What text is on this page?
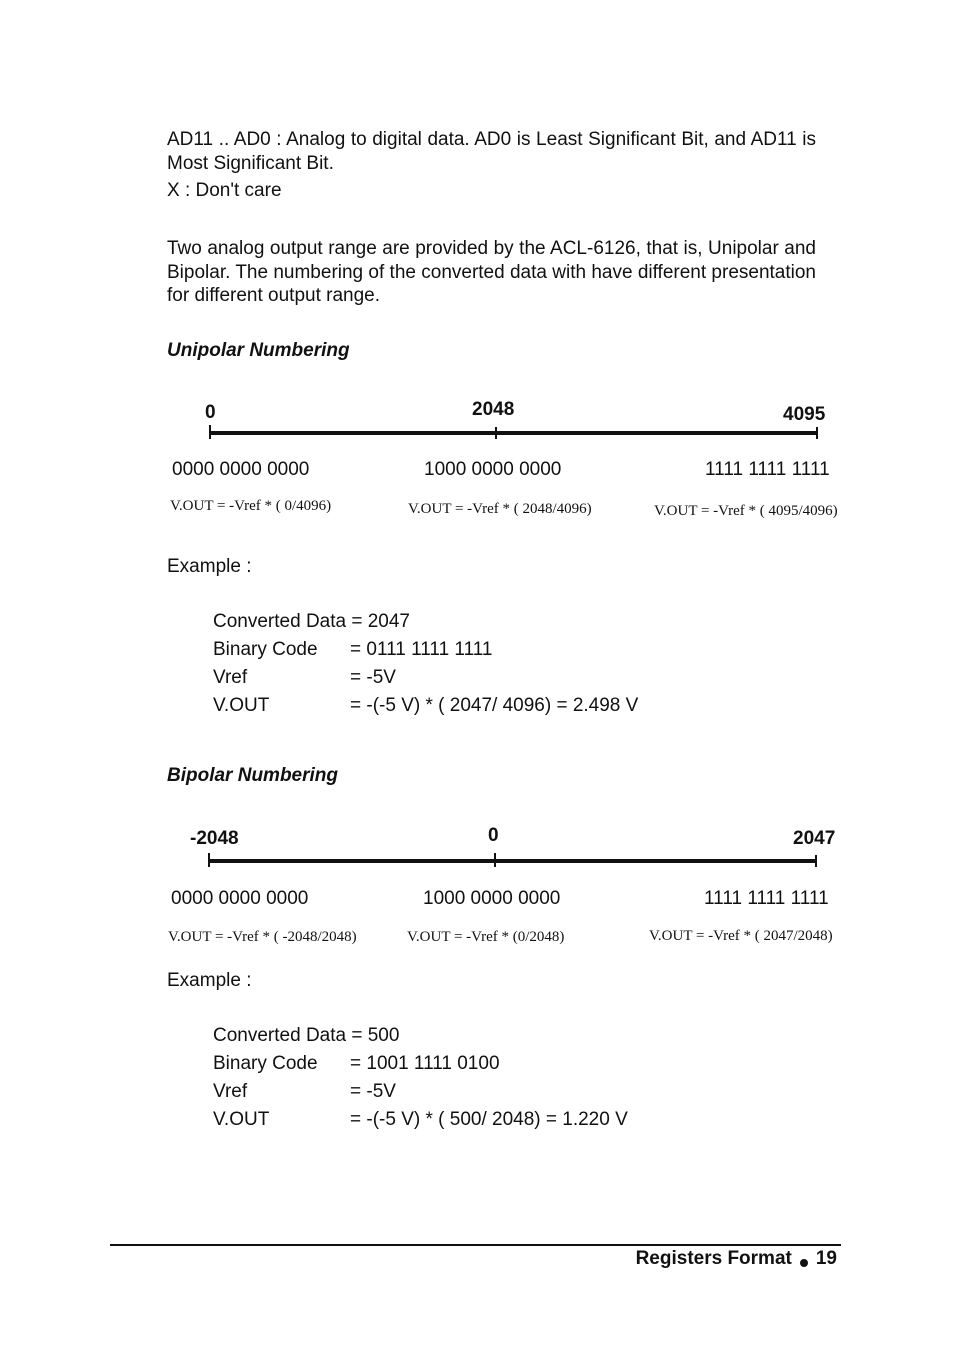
AD11 .. AD0 : Analog to digital data. AD0 is Least Significant Bit, and AD11 is Most Significant Bit.

X : Don't care

Two analog output range are provided by the ACL-6126, that is, Unipolar and Bipolar. The numbering of the converted data with have different presentation for different output range.

Unipolar Numbering
0	2048	4095
0000 0000 0000	1000 0000 0000	1111 1111 1111
V.OUT = -Vref * ( 0/4096)	V.OUT = -Vref * ( 2048/4096)	V.OUT = -Vref * ( 4095/4096)
Example :
Converted Data
= 2047
Binary Code	= 0111 1111 1111
Vref	= -5V
V.OUT	= -(-5 V) * ( 2047/ 4096) = 2.498 V
Bipolar Numbering
-2048	0	2047
0000 0000 0000	1000 0000 0000	1111 1111 1111
V.OUT = -Vref * ( -2048/2048)	V.OUT = -Vref * (0/2048)	V.OUT = -Vref * ( 2047/2048)
Example :
Converted Data
= 500
Binary Code	= 1001 1111 0100
Vref	= -5V
V.OUT	= -(-5 V) * ( 500/ 2048) = 1.220 V
Registers Format 19
